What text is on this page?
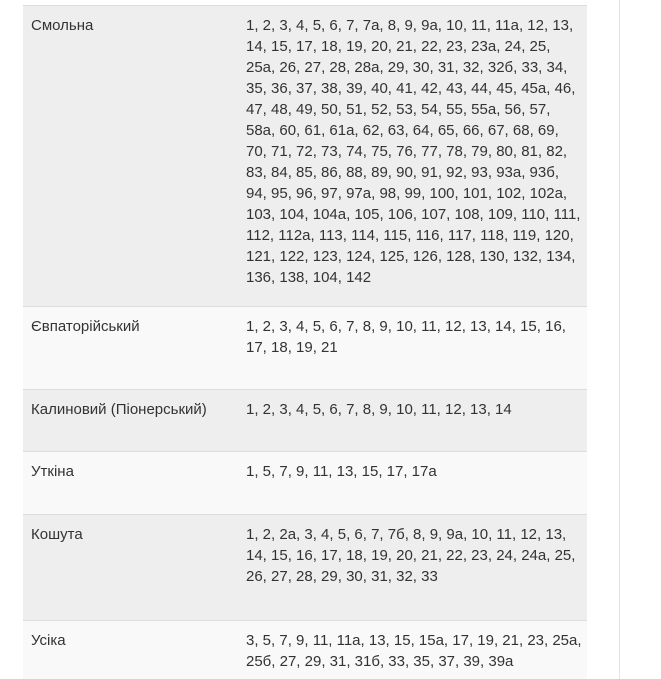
Смольна	1, 2, 3, 4, 5, 6, 7, 7а, 8, 9, 9а, 10, 11, 11а, 12, 13, 14, 15, 17, 18, 19, 20, 21, 22, 23, 23а, 24, 25, 25а, 26, 27, 28, 28а, 29, 30, 31, 32, 32б, 33, 34, 35, 36, 37, 38, 39, 40, 41, 42, 43, 44, 45, 45а, 46, 47, 48, 49, 50, 51, 52, 53, 54, 55, 55а, 56, 57, 58а, 60, 61, 61а, 62, 63, 64, 65, 66, 67, 68, 69, 70, 71, 72, 73, 74, 75, 76, 77, 78, 79, 80, 81, 82, 83, 84, 85, 86, 88, 89, 90, 91, 92, 93, 93а, 93б, 94, 95, 96, 97, 97а, 98, 99, 100, 101, 102, 102а, 103, 104, 104а, 105, 106, 107, 108, 109, 110, 111, 112, 112а, 113, 114, 115, 116, 117, 118, 119, 120, 121, 122, 123, 124, 125, 126, 128, 130, 132, 134, 136, 138, 104, 142
Євпаторійський	1, 2, 3, 4, 5, 6, 7, 8, 9, 10, 11, 12, 13, 14, 15, 16, 17, 18, 19, 21
Калиновий (Піонерський)	1, 2, 3, 4, 5, 6, 7, 8, 9, 10, 11, 12, 13, 14
Уткіна	1, 5, 7, 9, 11, 13, 15, 17, 17а
Кошута	1, 2, 2а, 3, 4, 5, 6, 7, 7б, 8, 9, 9а, 10, 11, 12, 13, 14, 15, 16, 17, 18, 19, 20, 21, 22, 23, 24, 24а, 25, 26, 27, 28, 29, 30, 31, 32, 33
Усіка	3, 5, 7, 9, 11, 11а, 13, 15, 15а, 17, 19, 21, 23, 25а, 25б, 27, 29, 31, 31б, 33, 35, 37, 39, 39а
